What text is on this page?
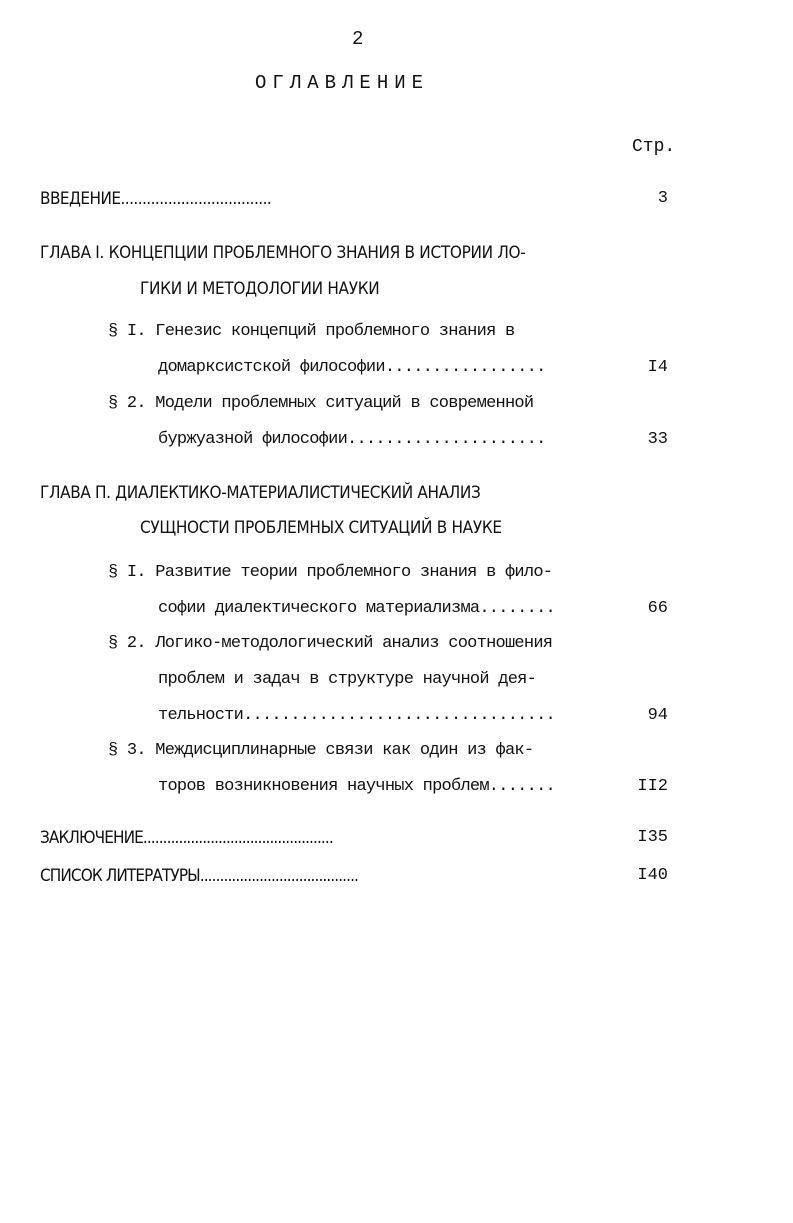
2
ОГЛАВЛЕНИЕ
Стр.
ВВЕДЕНИЕ...................................	3
ГЛАВА I. КОНЦЕПЦИИ ПРОБЛЕМНОГО ЗНАНИЯ В ИСТОРИИ ЛО-
ГИКИ И МЕТОДОЛОГИИ НАУКИ
§ I. Генезис концепций проблемного знания в
домарксистской философии.................	I4
§ 2. Модели проблемных ситуаций в современной
буржуазной философии.....................	33
ГЛАВА П. ДИАЛЕКТИКО-МАТЕРИАЛИСТИЧЕСКИЙ АНАЛИЗ
СУЩНОСТИ ПРОБЛЕМНЫХ СИТУАЦИЙ В НАУКЕ
§ I. Развитие теории проблемного знания в фило-
софии диалектического материализма........	66
§ 2. Логико-методологический анализ соотношения
проблем и задач в структуре научной дея-
тельности.................................	94
§ 3. Междисциплинарные связи как один из фак-
торов возникновения научных проблем.......	II2
ЗАКЛЮЧЕНИЕ................................................	I35
СПИСОК ЛИТЕРАТУРЫ........................................	I40
